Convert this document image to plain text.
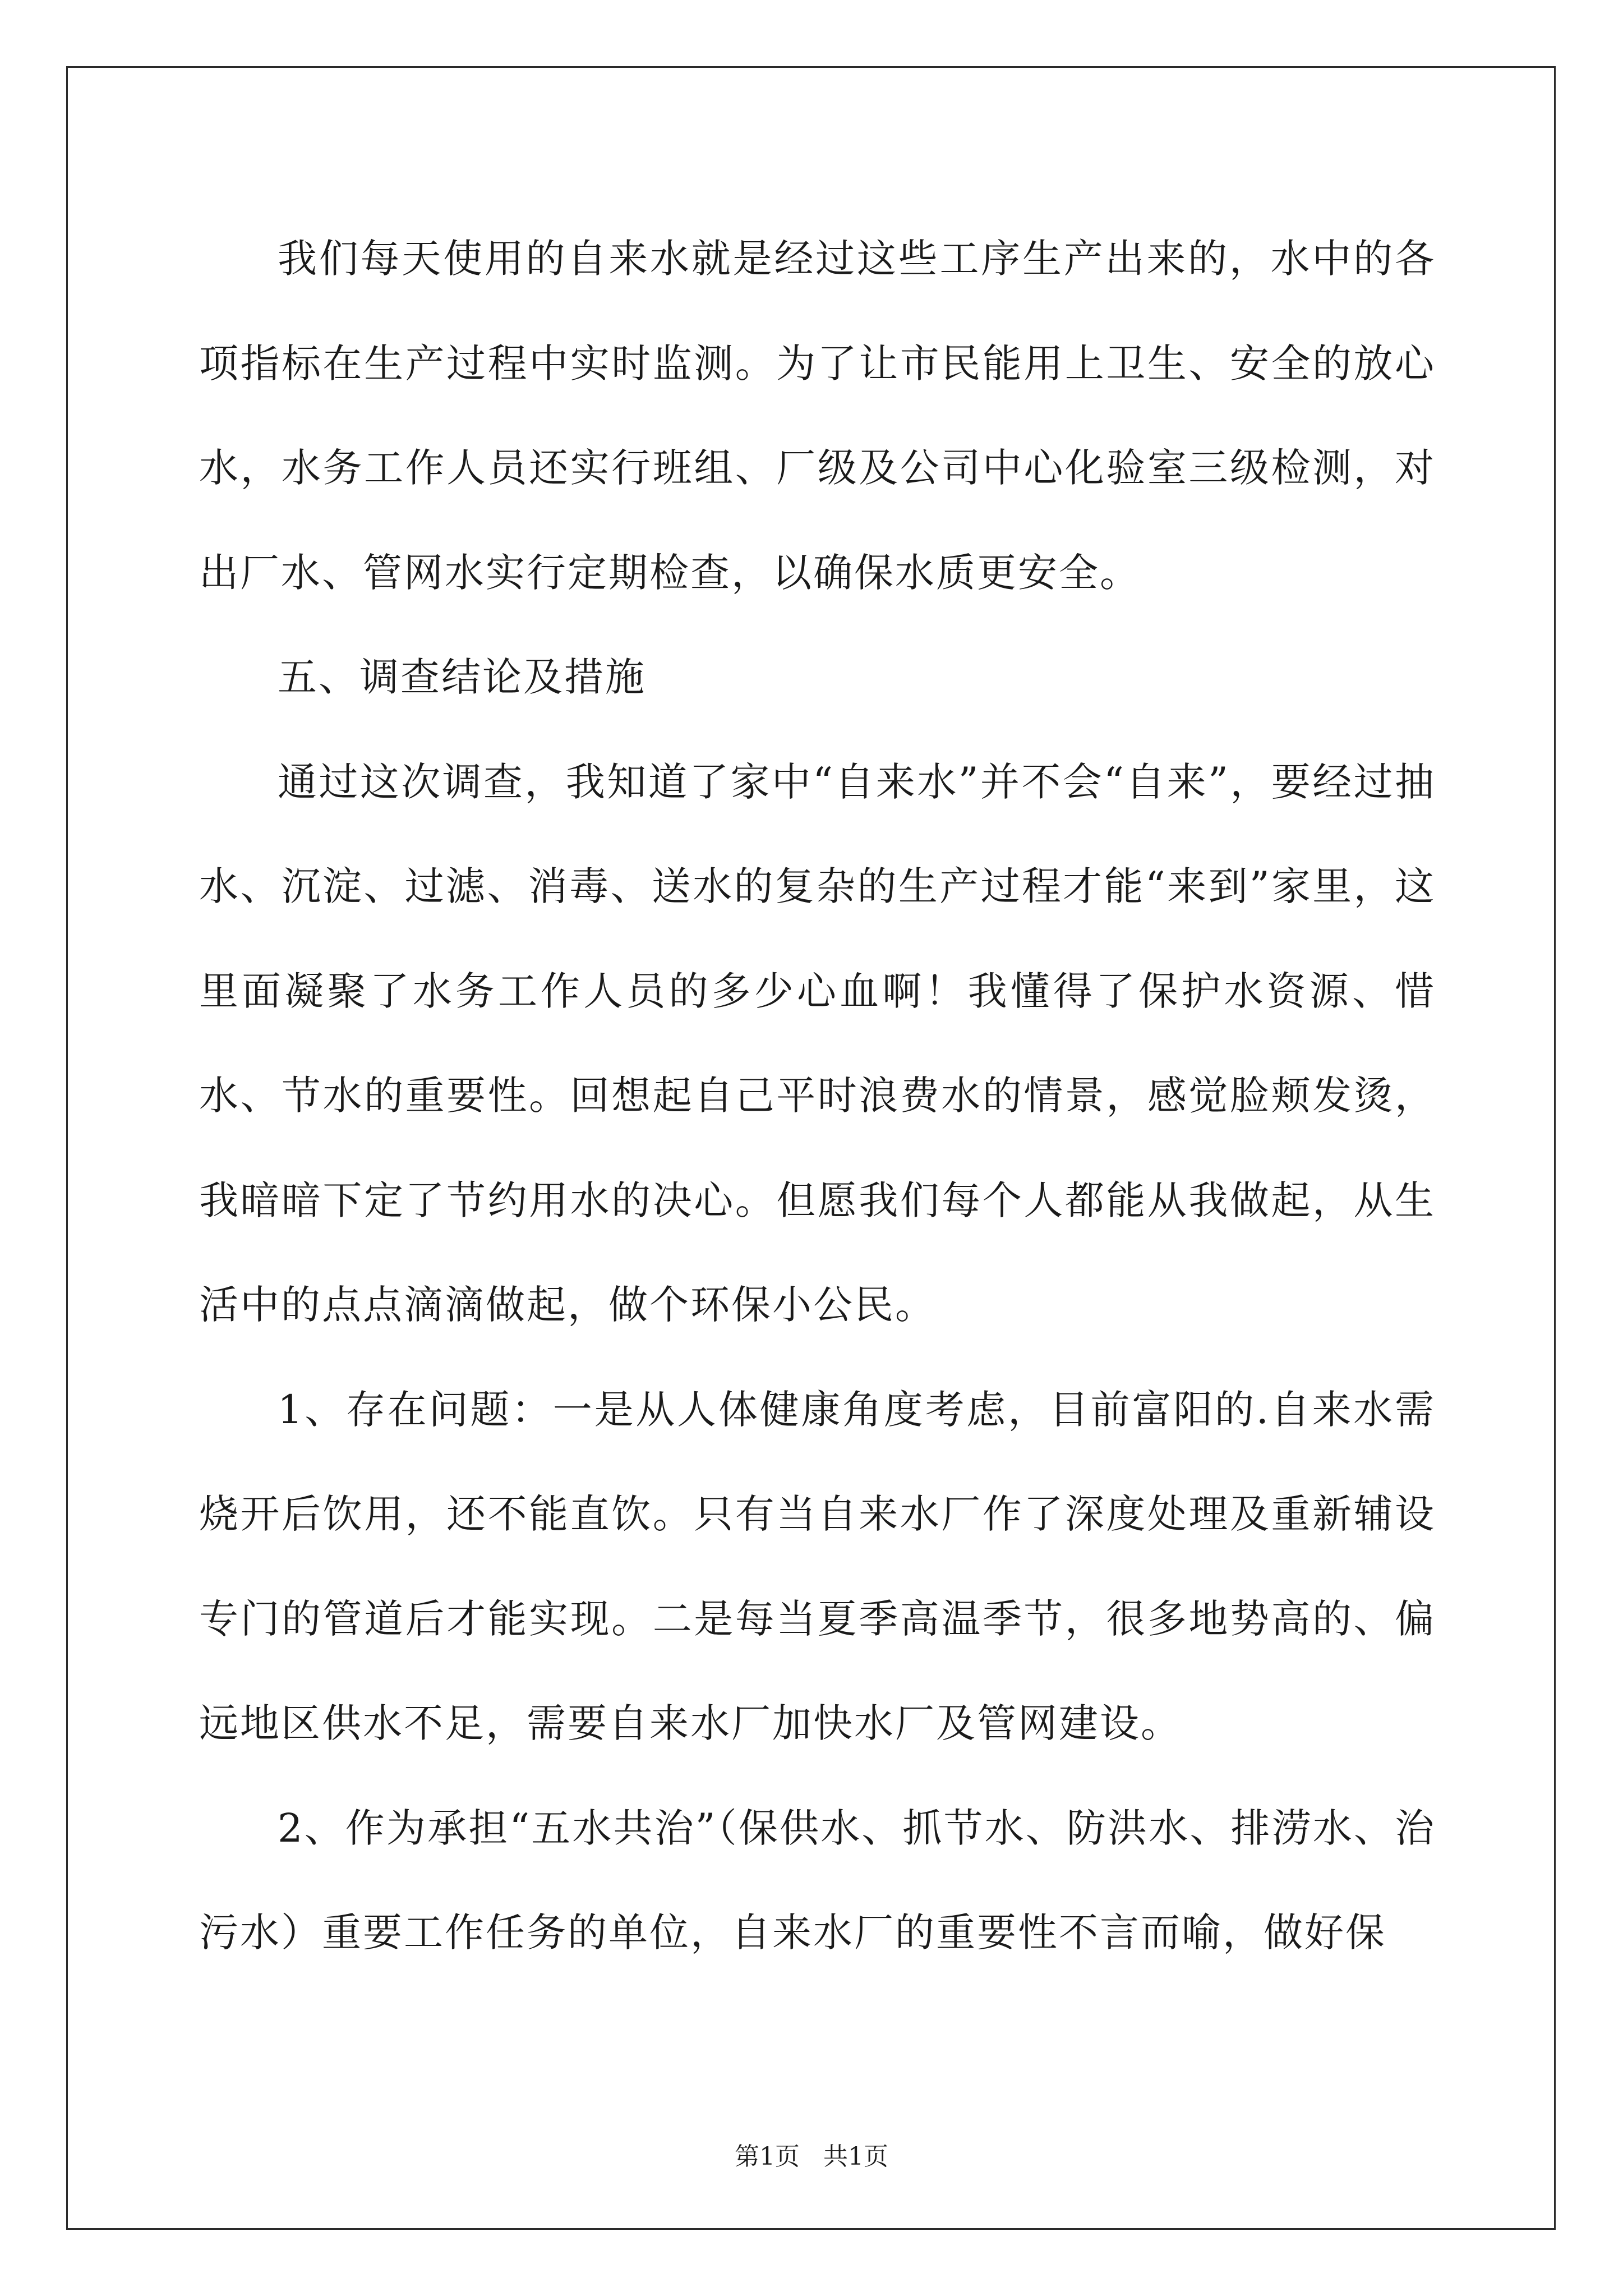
我们每天使用的自来水就是经过这些工序生产出来的，水中的各项指标在生产过程中实时监测。为了让市民能用上卫生、安全的放心水，水务工作人员还实行班组、厂级及公司中心化验室三级检测，对出厂水、管网水实行定期检查，以确保水质更安全。

五、调查结论及措施

通过这次调查，我知道了家中“自来水”并不会“自来”，要经过抽水、沉淀、过滤、消毒、送水的复杂的生产过程才能“来到”家里，这里面凝聚了水务工作人员的多少心血啊！我懂得了保护水资源、惜水、节水的重要性。回想起自己平时浪费水的情景，感觉脸颊发烫，我暗暗下定了节约用水的决心。但愿我们每个人都能从我做起，从生活中的点点滴滴做起，做个环保小公民。

1、存在问题：一是从人体健康角度考虑，目前富阳的.自来水需烧开后饮用，还不能直饮。只有当自来水厂作了深度处理及重新辅设专门的管道后才能实现。二是每当夏季高温季节，很多地势高的、偏远地区供水不足，需要自来水厂加快水厂及管网建设。

2、作为承担“五水共治”（保供水、抓节水、防洪水、排涝水、治污水）重要工作任务的单位，自来水厂的重要性不言而喻，做好保

第1页 共1页
